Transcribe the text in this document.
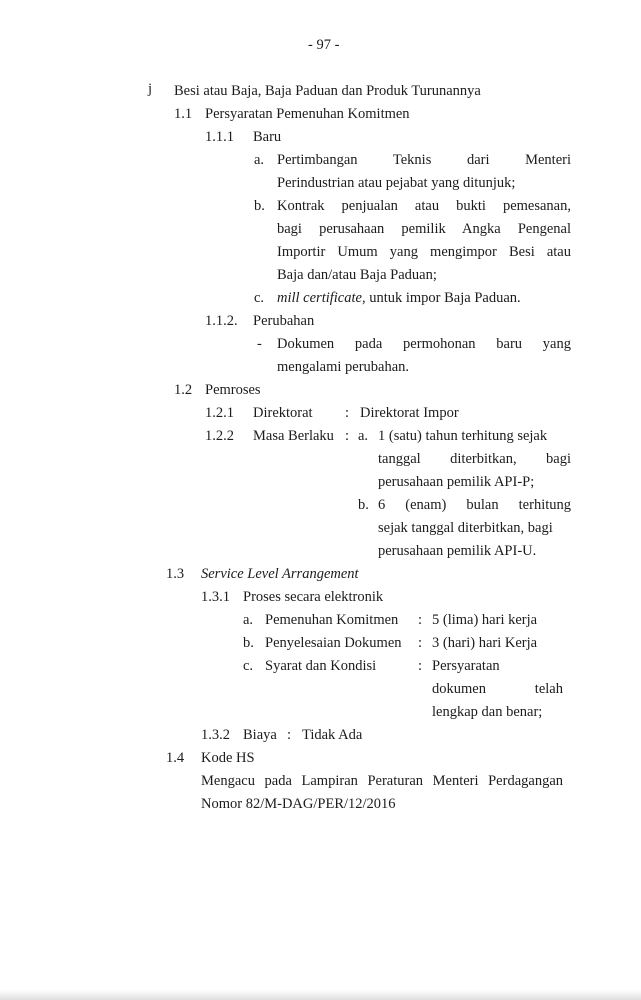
- 97 -
j Besi atau Baja, Baja Paduan dan Produk Turunannya
1.1 Persyaratan Pemenuhan Komitmen
1.1.1 Baru
a. Pertimbangan Teknis dari Menteri
Perindustrian atau pejabat yang ditunjuk;
b. Kontrak penjualan atau bukti pemesanan,
bagi perusahaan pemilik Angka Pengenal
Importir Umum yang mengimpor Besi atau
Baja dan/atau Baja Paduan;
c. mill certificate, untuk impor Baja Paduan.
1.1.2. Perubahan
- Dokumen pada permohonan baru yang
mengalami perubahan.
1.2 Pemroses
1.2.1 Direktorat : Direktorat Impor
1.2.2 Masa Berlaku : a. 1 (satu) tahun terhitung sejak
tanggal diterbitkan, bagi
perusahaan pemilik API-P;
b. 6 (enam) bulan terhitung
sejak tanggal diterbitkan, bagi
perusahaan pemilik API-U.
1.3 Service Level Arrangement
1.3.1 Proses secara elektronik
a. Pemenuhan Komitmen : 5 (lima) hari kerja
b. Penyelesaian Dokumen : 3 (hari) hari Kerja
c. Syarat dan Kondisi	: Persyaratan
dokumen telah
lengkap dan benar;
1.3.2 Biaya : Tidak Ada
1.4 Kode HS
Mengacu pada Lampiran Peraturan Menteri Perdagangan
Nomor 82/M-DAG/PER/12/2016
